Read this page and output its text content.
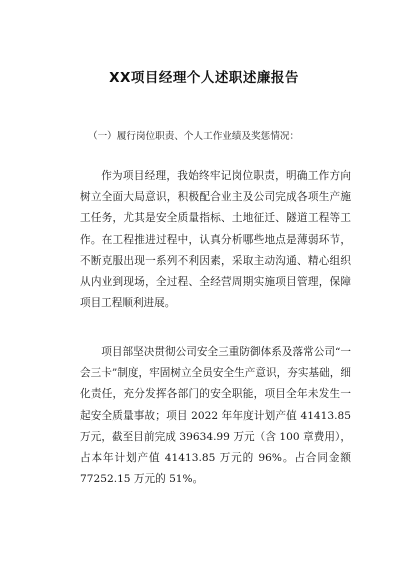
XX项目经理个人述职述廉报告
（一）履行岗位职责、个人工作业绩及奖惩情况：

作为项目经理，我始终牢记岗位职责，明确工作方向树立全面大局意识，积极配合业主及公司完成各项生产施工任务，尤其是安全质量指标、土地征迁、隧道工程等工作。在工程推进过程中，认真分析哪些地点是薄弱环节，不断克服出现一系列不利因素，采取主动沟通、精心组织从内业到现场，全过程、全经营周期实施项目管理，保障项目工程顺利进展。

项目部坚决贯彻公司安全三重防御体系及落常公司“一会三卡”制度，牢固树立全员安全生产意识，夯实基础，细化责任，充分发挥各部门的安全职能，项目全年未发生一起安全质量事故；项目 2022 年年度计划产值 41413.85 万元，截至目前完成 39634.99 万元（含 100 章费用），占本年计划产值 41413.85 万元的 96%。占合同金额 77252.15 万元的 51%。
